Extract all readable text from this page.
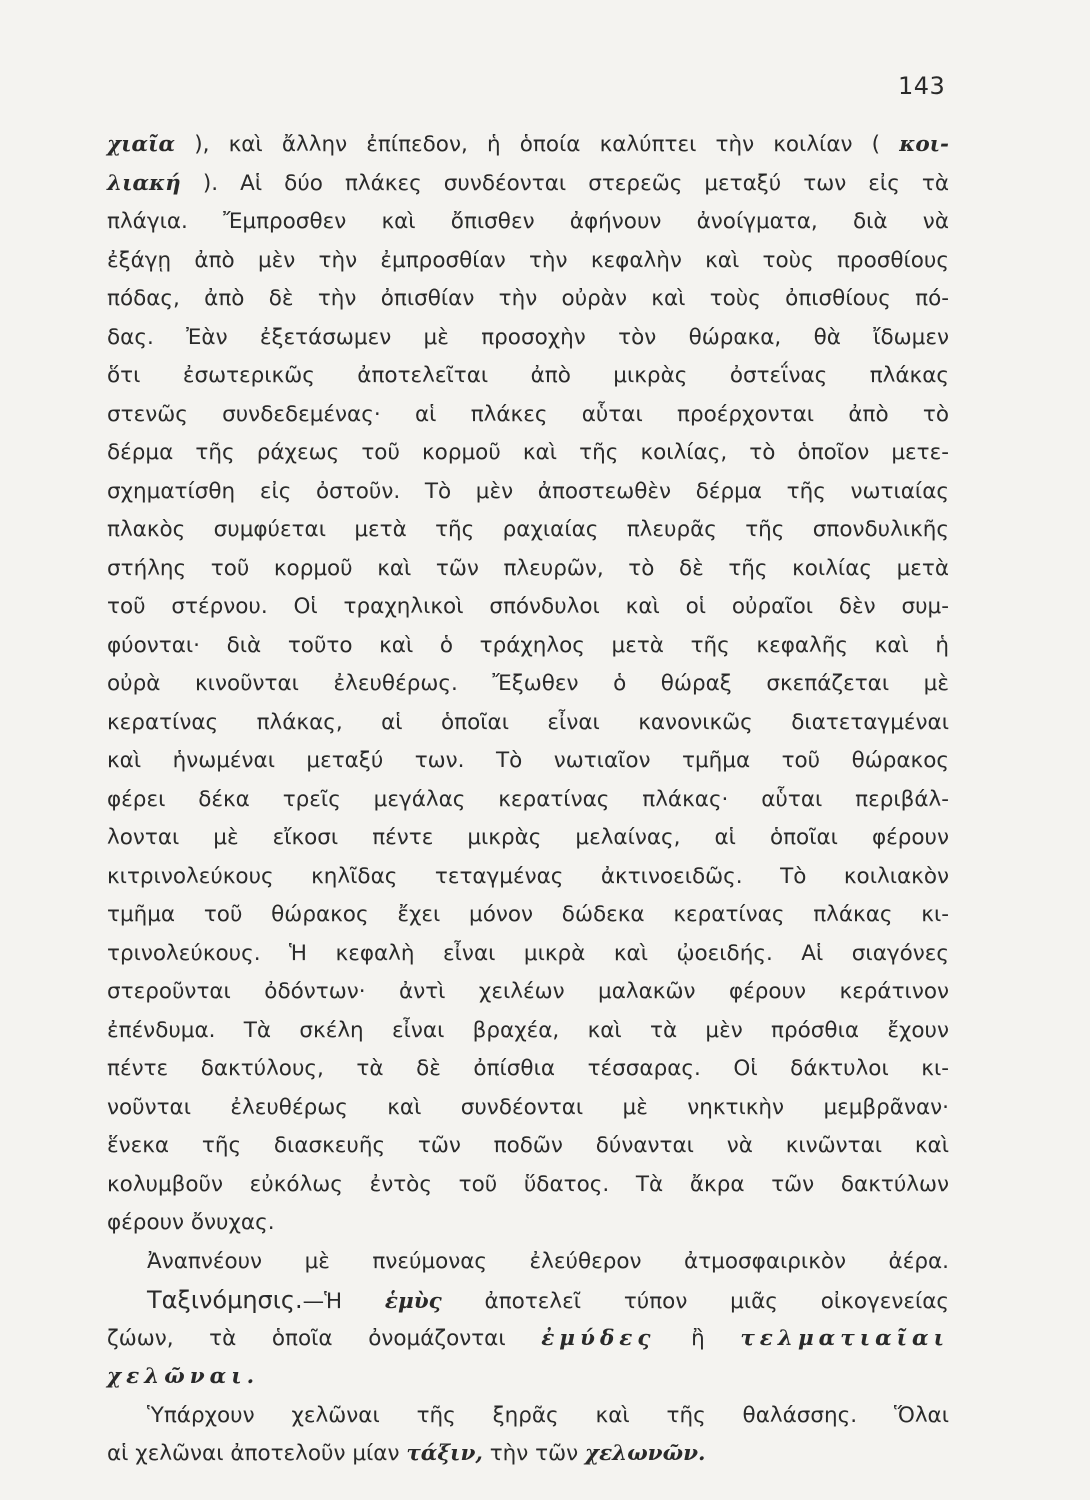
143
χιαῖα ), καὶ ἄλλην ἐπίπεδον, ἡ ὁποία καλύπτει τὴν κοιλίαν ( κοι-
λιακή ). Αἱ δύο πλάκες συνδέονται στερεῶς μεταξύ των εἰς τὰ
πλάγια. Ἔμπροσθεν καὶ ὄπισθεν ἀφήνουν ἀνοίγματα, διὰ νὰ
ἐξάγῃ ἀπὸ μὲν τὴν ἐμπροσθίαν τὴν κεφαλὴν καὶ τοὺς προσθίους
πόδας, ἀπὸ δὲ τὴν ὀπισθίαν τὴν οὐρὰν καὶ τοὺς ὀπισθίους πό-
δας. Ἐὰν ἐξετάσωμεν μὲ προσοχὴν τὸν θώρακα, θὰ ἴδωμεν
ὅτι ἐσωτερικῶς ἀποτελεῖται ἀπὸ μικρὰς ὀστεΐνας πλάκας
στενῶς συνδεδεμένας· αἱ πλάκες αὗται προέρχονται ἀπὸ τὸ
δέρμα τῆς ράχεως τοῦ κορμοῦ καὶ τῆς κοιλίας, τὸ ὁποῖον μετε-
σχηματίσθη εἰς ὀστοῦν. Τὸ μὲν ἀποστεωθὲν δέρμα τῆς νωτιαίας
πλακὸς συμφύεται μετὰ τῆς ραχιαίας πλευρᾶς τῆς σπονδυλικῆς
στήλης τοῦ κορμοῦ καὶ τῶν πλευρῶν, τὸ δὲ τῆς κοιλίας μετὰ
τοῦ στέρνου. Οἱ τραχηλικοὶ σπόνδυλοι καὶ οἱ οὐραῖοι δὲν συμ-
φύονται· διὰ τοῦτο καὶ ὁ τράχηλος μετὰ τῆς κεφαλῆς καὶ ἡ
οὐρὰ κινοῦνται ἐλευθέρως. Ἔξωθεν ὁ θώραξ σκεπάζεται μὲ
κερατίνας πλάκας, αἱ ὁποῖαι εἶναι κανονικῶς διατεταγμέναι
καὶ ἡνωμέναι μεταξύ των. Τὸ νωτιαῖον τμῆμα τοῦ θώρακος
φέρει δέκα τρεῖς μεγάλας κερατίνας πλάκας· αὗται περιβάλ-
λονται μὲ εἴκοσι πέντε μικρὰς μελαίνας, αἱ ὁποῖαι φέρουν
κιτρινολεύκους κηλῖδας τεταγμένας ἀκτινοειδῶς. Τὸ κοιλιακὸν
τμῆμα τοῦ θώρακος ἔχει μόνον δώδεκα κερατίνας πλάκας κι-
τρινολεύκους. Ἡ κεφαλὴ εἶναι μικρὰ καὶ ᾠοειδής. Αἱ σιαγόνες
στεροῦνται ὀδόντων· ἀντὶ χειλέων μαλακῶν φέρουν κεράτινον
ἐπένδυμα. Τὰ σκέλη εἶναι βραχέα, καὶ τὰ μὲν πρόσθια ἔχουν
πέντε δακτύλους, τὰ δὲ ὀπίσθια τέσσαρας. Οἱ δάκτυλοι κι-
νοῦνται ἐλευθέρως καὶ συνδέονται μὲ νηκτικὴν μεμβρᾶναν·
ἕνεκα τῆς διασκευῆς τῶν ποδῶν δύνανται νὰ κινῶνται καὶ
κολυμβοῦν εὐκόλως ἐντὸς τοῦ ὕδατος. Τὰ ἄκρα τῶν δακτύλων
φέρουν ὄνυχας.
Ἀναπνέουν μὲ πνεύμονας ἐλεύθερον ἀτμοσφαιρικὸν ἀέρα.
Ταξινόμησις.—Ἡ ἑμὺς ἀποτελεῖ τύπον μιᾶς οἰκογενείας
ζώων, τὰ ὁποῖα ὀνομάζονται ἐμύδες ἢ τελματιαῖαι
χελῶναι.
Ὑπάρχουν χελῶναι τῆς ξηρᾶς καὶ τῆς θαλάσσης. Ὅλαι
αἱ χελῶναι ἀποτελοῦν μίαν τάξιν, τὴν τῶν χελωνῶν.
